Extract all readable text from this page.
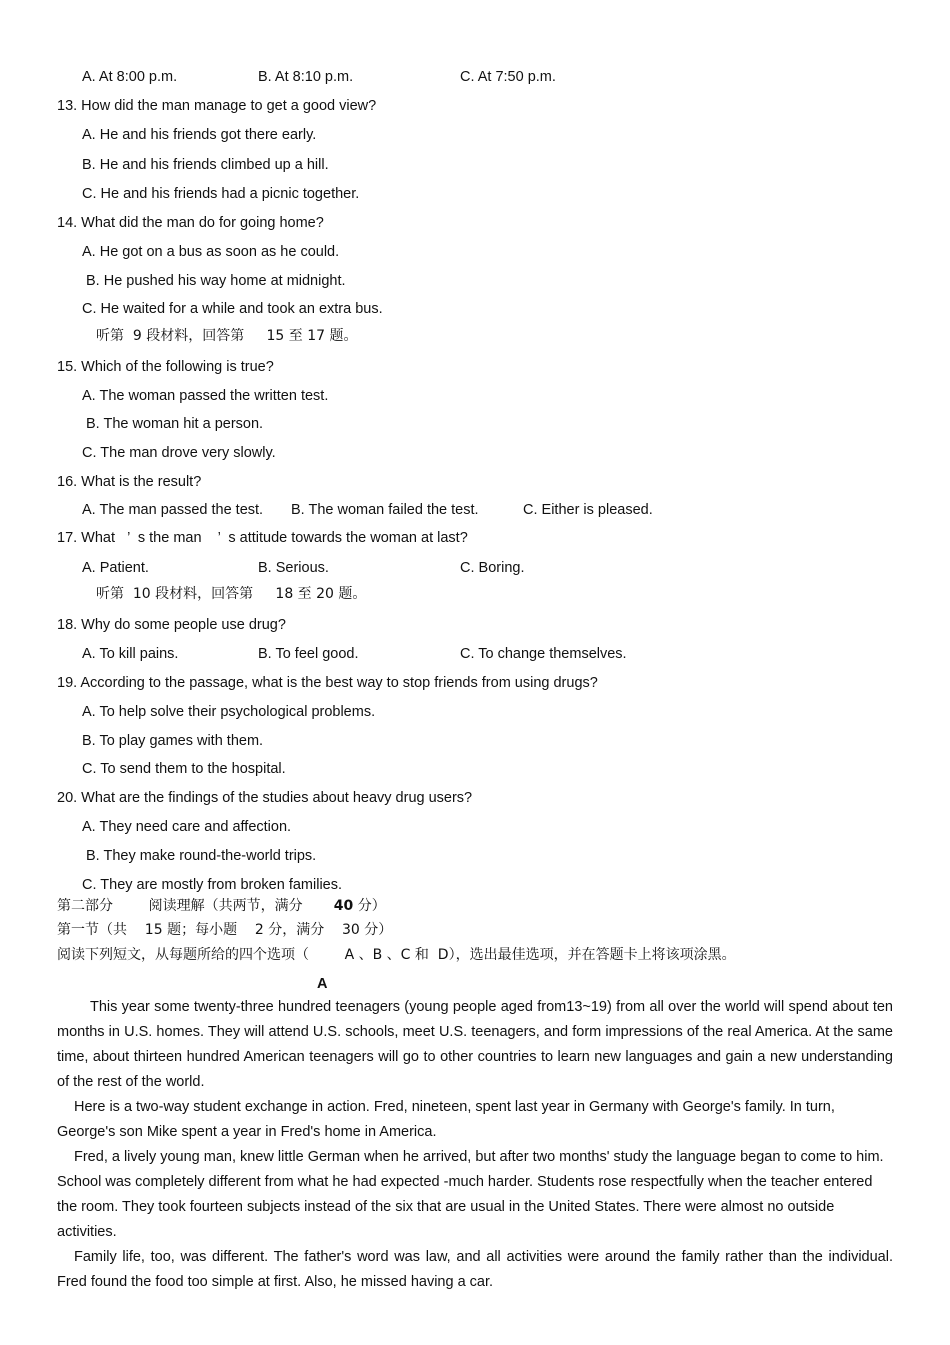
A. At 8:00 p.m.	B. At 8:10 p.m.	C. At 7:50 p.m.
13. How did the man manage to get a good view?
A. He and his friends got there early.
B. He and his friends climbed up a hill.
C. He and his friends had a picnic together.
14. What did the man do for going home?
A. He got on a bus as soon as he could.
B. He pushed his way home at midnight.
C. He waited for a while and took an extra bus.
听第  9 段材料，回答第     15 至 17 题。
15. Which of the following is true?
A. The woman passed the written test.
B. The woman hit a person.
C. The man drove very slowly.
16. What is the result?
A. The man passed the test. B. The woman failed the test.	C. Either is pleased.
17. What   ’  s the man    ’  s attitude towards the woman at last?
A. Patient.	B. Serious.	C. Boring.
听第  10 段材料，回答第     18 至 20 题。
18. Why do some people use drug?
A. To kill pains.	B. To feel good.	C. To change themselves.
19. According to the passage, what is the best way to stop friends from using drugs?
A. To help solve their psychological problems.
B. To play games with them.
C. To send them to the hospital.
20. What are the findings of the studies about heavy drug users?
A. They need care and affection.
B. They make round-the-world trips.
C. They are mostly from broken families.
第二部分        阅读理解（共两节，满分       40 分）
第一节（共    15 题；每小题    2 分，满分    30 分）
阅读下列短文，从每题所给的四个选项（        A 、B 、C 和  D），选出最佳选项，并在答题卡上将该项涂黑。
A

This year some twenty-three hundred teenagers (young people aged from13~19) from all over the world will spend about ten months in U.S. homes. They will attend U.S. schools, meet U.S. teenagers, and form impressions of the real America. At the same time, about thirteen hundred American teenagers will go to other countries to learn new languages and gain a new understanding of the rest of the world.

Here is a two-way student exchange in action. Fred, nineteen, spent last year in Germany with George's family. In turn, George's son Mike spent a year in Fred's home in America.

Fred, a lively young man, knew little German when he arrived, but after two months' study the language began to come to him. School was completely different from what he had expected -much harder. Students rose respectfully when the teacher entered the room. They took fourteen subjects instead of the six that are usual in the United States. There were almost no outside activities.

Family life, too, was different. The father's word was law, and all activities were around the family rather than the individual. Fred found the food too simple at first. Also, he missed having a car.
